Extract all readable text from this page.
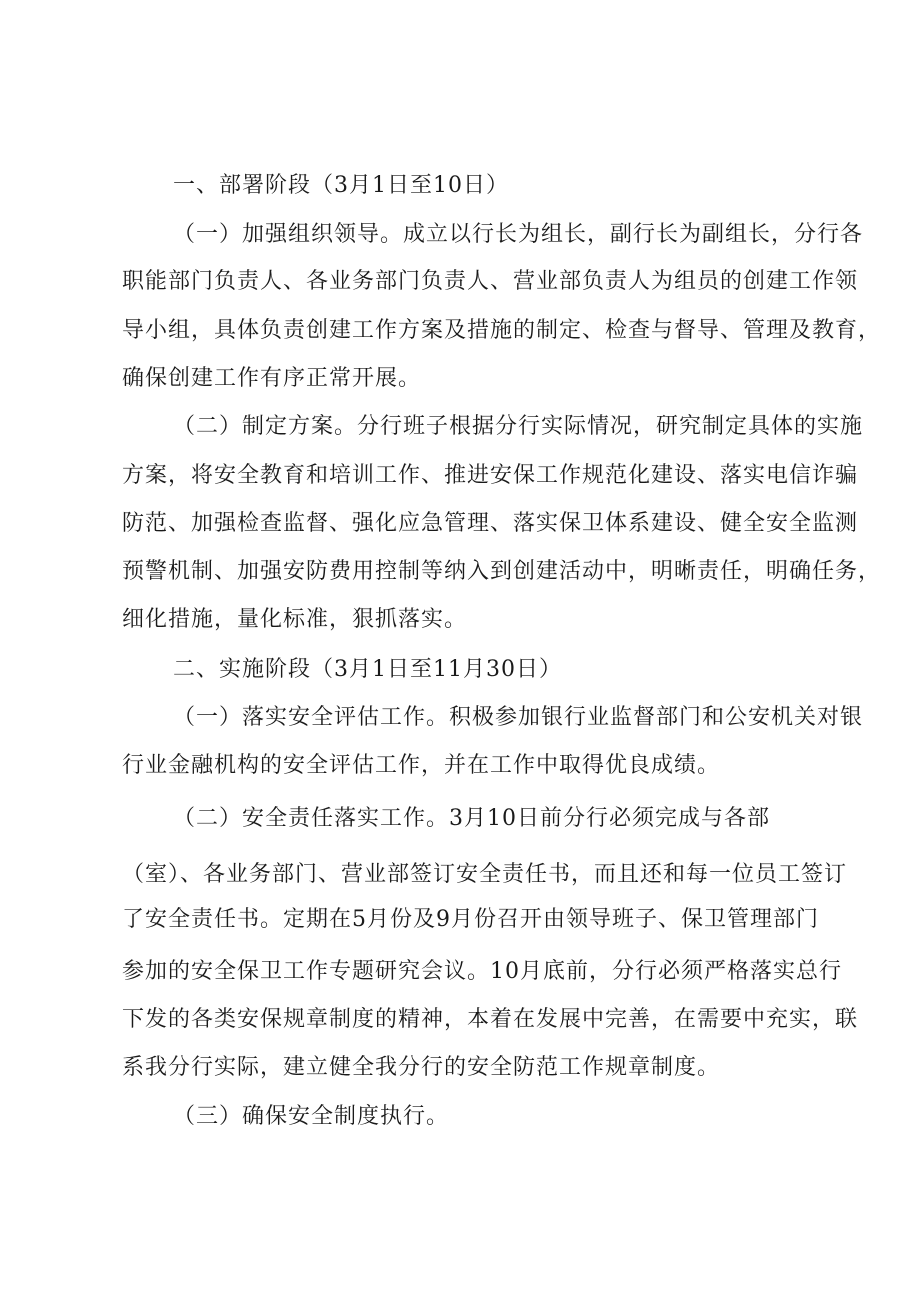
一、部署阶段（3月1日至10日）
（一）加强组织领导。成立以行长为组长，副行长为副组长，分行各
职能部门负责人、各业务部门负责人、营业部负责人为组员的创建工作领
导小组，具体负责创建工作方案及措施的制定、检查与督导、管理及教育，
确保创建工作有序正常开展。
（二）制定方案。分行班子根据分行实际情况，研究制定具体的实施
方案，将安全教育和培训工作、推进安保工作规范化建设、落实电信诈骗
防范、加强检查监督、强化应急管理、落实保卫体系建设、健全安全监测
预警机制、加强安防费用控制等纳入到创建活动中，明晰责任，明确任务，
细化措施，量化标准，狠抓落实。
二、实施阶段（3月1日至11月30日）
（一）落实安全评估工作。积极参加银行业监督部门和公安机关对银
行业金融机构的安全评估工作，并在工作中取得优良成绩。
（二）安全责任落实工作。3月10日前分行必须完成与各部
（室）、各业务部门、营业部签订安全责任书，而且还和每一位员工签订
了安全责任书。定期在5月份及9月份召开由领导班子、保卫管理部门
参加的安全保卫工作专题研究会议。10月底前，分行必须严格落实总行
下发的各类安保规章制度的精神，本着在发展中完善，在需要中充实，联
系我分行实际，建立健全我分行的安全防范工作规章制度。
（三）确保安全制度执行。
